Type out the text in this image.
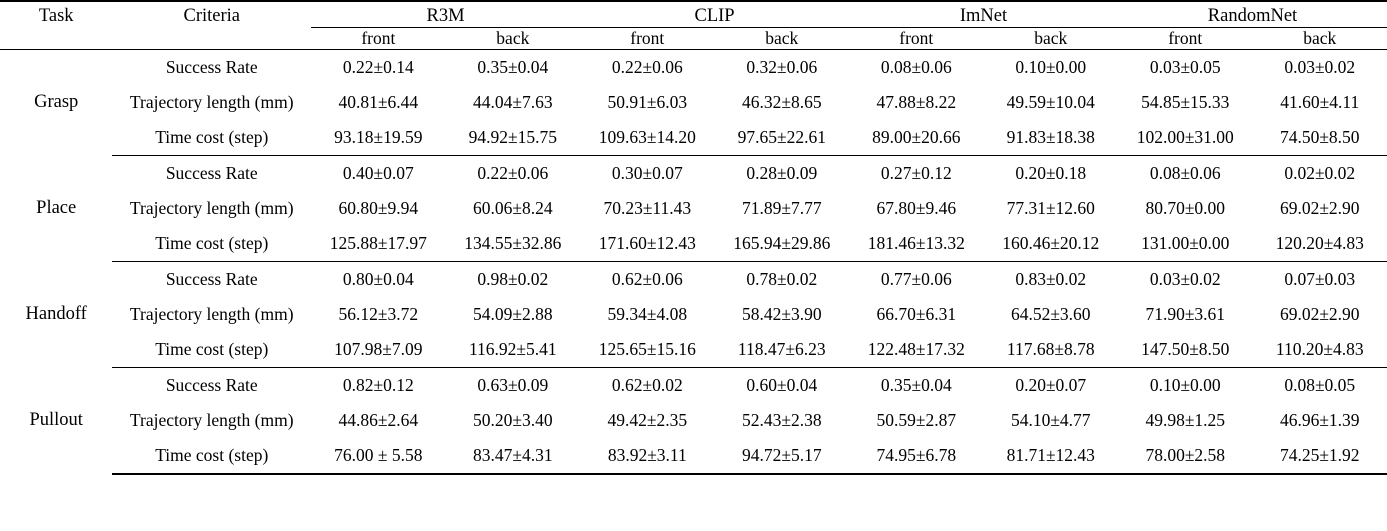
Task	Criteria	R3M		CLIP		ImNet		RandomNet	

		front	back	front	back	front	back	front	back

Grasp	Success Rate	0.22±0.14	0.35±0.04	0.22±0.06	0.32±0.06	0.08±0.06	0.10±0.00	0.03±0.05	0.03±0.02
	Trajectory length (mm)	40.81±6.44	44.04±7.63	50.91±6.03	46.32±8.65	47.88±8.22	49.59±10.04	54.85±15.33	41.60±4.11
	Time cost (step)	93.18±19.59	94.92±15.75	109.63±14.20	97.65±22.61	89.00±20.66	91.83±18.38	102.00±31.00	74.50±8.50
Place	Success Rate	0.40±0.07	0.22±0.06	0.30±0.07	0.28±0.09	0.27±0.12	0.20±0.18	0.08±0.06	0.02±0.02
	Trajectory length (mm)	60.80±9.94	60.06±8.24	70.23±11.43	71.89±7.77	67.80±9.46	77.31±12.60	80.70±0.00	69.02±2.90
	Time cost (step)	125.88±17.97	134.55±32.86	171.60±12.43	165.94±29.86	181.46±13.32	160.46±20.12	131.00±0.00	120.20±4.83
Handoff	Success Rate	0.80±0.04	0.98±0.02	0.62±0.06	0.78±0.02	0.77±0.06	0.83±0.02	0.03±0.02	0.07±0.03
	Trajectory length (mm)	56.12±3.72	54.09±2.88	59.34±4.08	58.42±3.90	66.70±6.31	64.52±3.60	71.90±3.61	69.02±2.90
	Time cost (step)	107.98±7.09	116.92±5.41	125.65±15.16	118.47±6.23	122.48±17.32	117.68±8.78	147.50±8.50	110.20±4.83
Pullout	Success Rate	0.82±0.12	0.63±0.09	0.62±0.02	0.60±0.04	0.35±0.04	0.20±0.07	0.10±0.00	0.08±0.05
	Trajectory length (mm)	44.86±2.64	50.20±3.40	49.42±2.35	52.43±2.38	50.59±2.87	54.10±4.77	49.98±1.25	46.96±1.39
	Time cost (step)	76.00 ± 5.58	83.47±4.31	83.92±3.11	94.72±5.17	74.95±6.78	81.71±12.43	78.00±2.58	74.25±1.92
